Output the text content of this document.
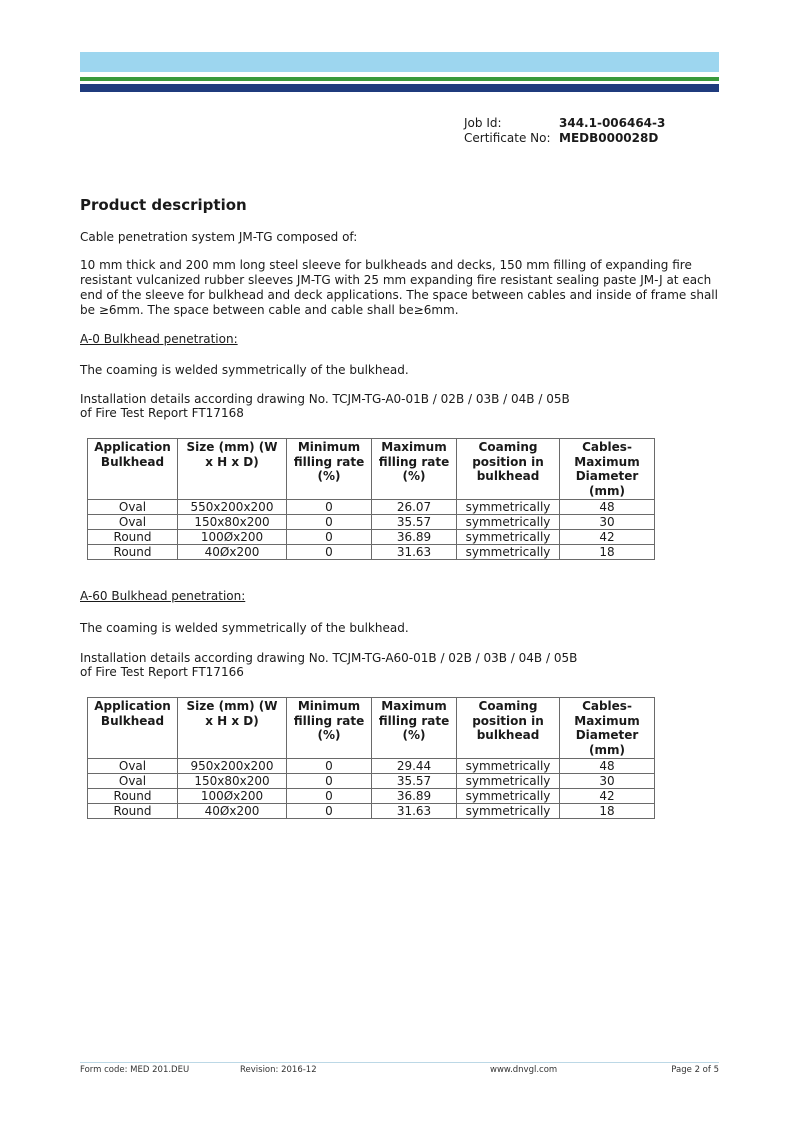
Job Id:	344.1-006464-3
Certificate No: MEDB000028D
Product description

Cable penetration system JM-TG composed of:

10 mm thick and 200 mm long steel sleeve for bulkheads and decks, 150 mm filling of expanding fire resistant vulcanized rubber sleeves JM-TG with 25 mm expanding fire resistant sealing paste JM-J at each end of the sleeve for bulkhead and deck applications. The space between cables and inside of frame shall be ≥6mm. The space between cable and cable shall be≥6mm.

A-0 Bulkhead penetration:

The coaming is welded symmetrically of the bulkhead.

Installation details according drawing No. TCJM-TG-A0-01B / 02B / 03B / 04B / 05B

of Fire Test Report FT17168

Application Bulkhead	Size (mm) (W x H x D)	Minimum filling rate (%)	Maximum filling rate (%)	Coaming position in bulkhead	Cables- Maximum Diameter (mm)
Oval	550x200x200	0	26.07	symmetrically	48
Oval	150x80x200	0	35.57	symmetrically	30
Round	100Øx200	0	36.89	symmetrically	42
Round	40Øx200	0	31.63	symmetrically	18

A-60 Bulkhead penetration:

The coaming is welded symmetrically of the bulkhead.

Installation details according drawing No. TCJM-TG-A60-01B / 02B / 03B / 04B / 05B

of Fire Test Report FT17166

Application Bulkhead	Size (mm) (W x H x D)	Minimum filling rate (%)	Maximum filling rate (%)	Coaming position in bulkhead	Cables- Maximum Diameter (mm)
Oval	950x200x200	0	29.44	symmetrically	48
Oval	150x80x200	0	35.57	symmetrically	30
Round	100Øx200	0	36.89	symmetrically	42
Round	40Øx200	0	31.63	symmetrically	18
Form code: MED 201.DEU	Revision: 2016-12	www.dnvgl.com	Page 2 of 5
